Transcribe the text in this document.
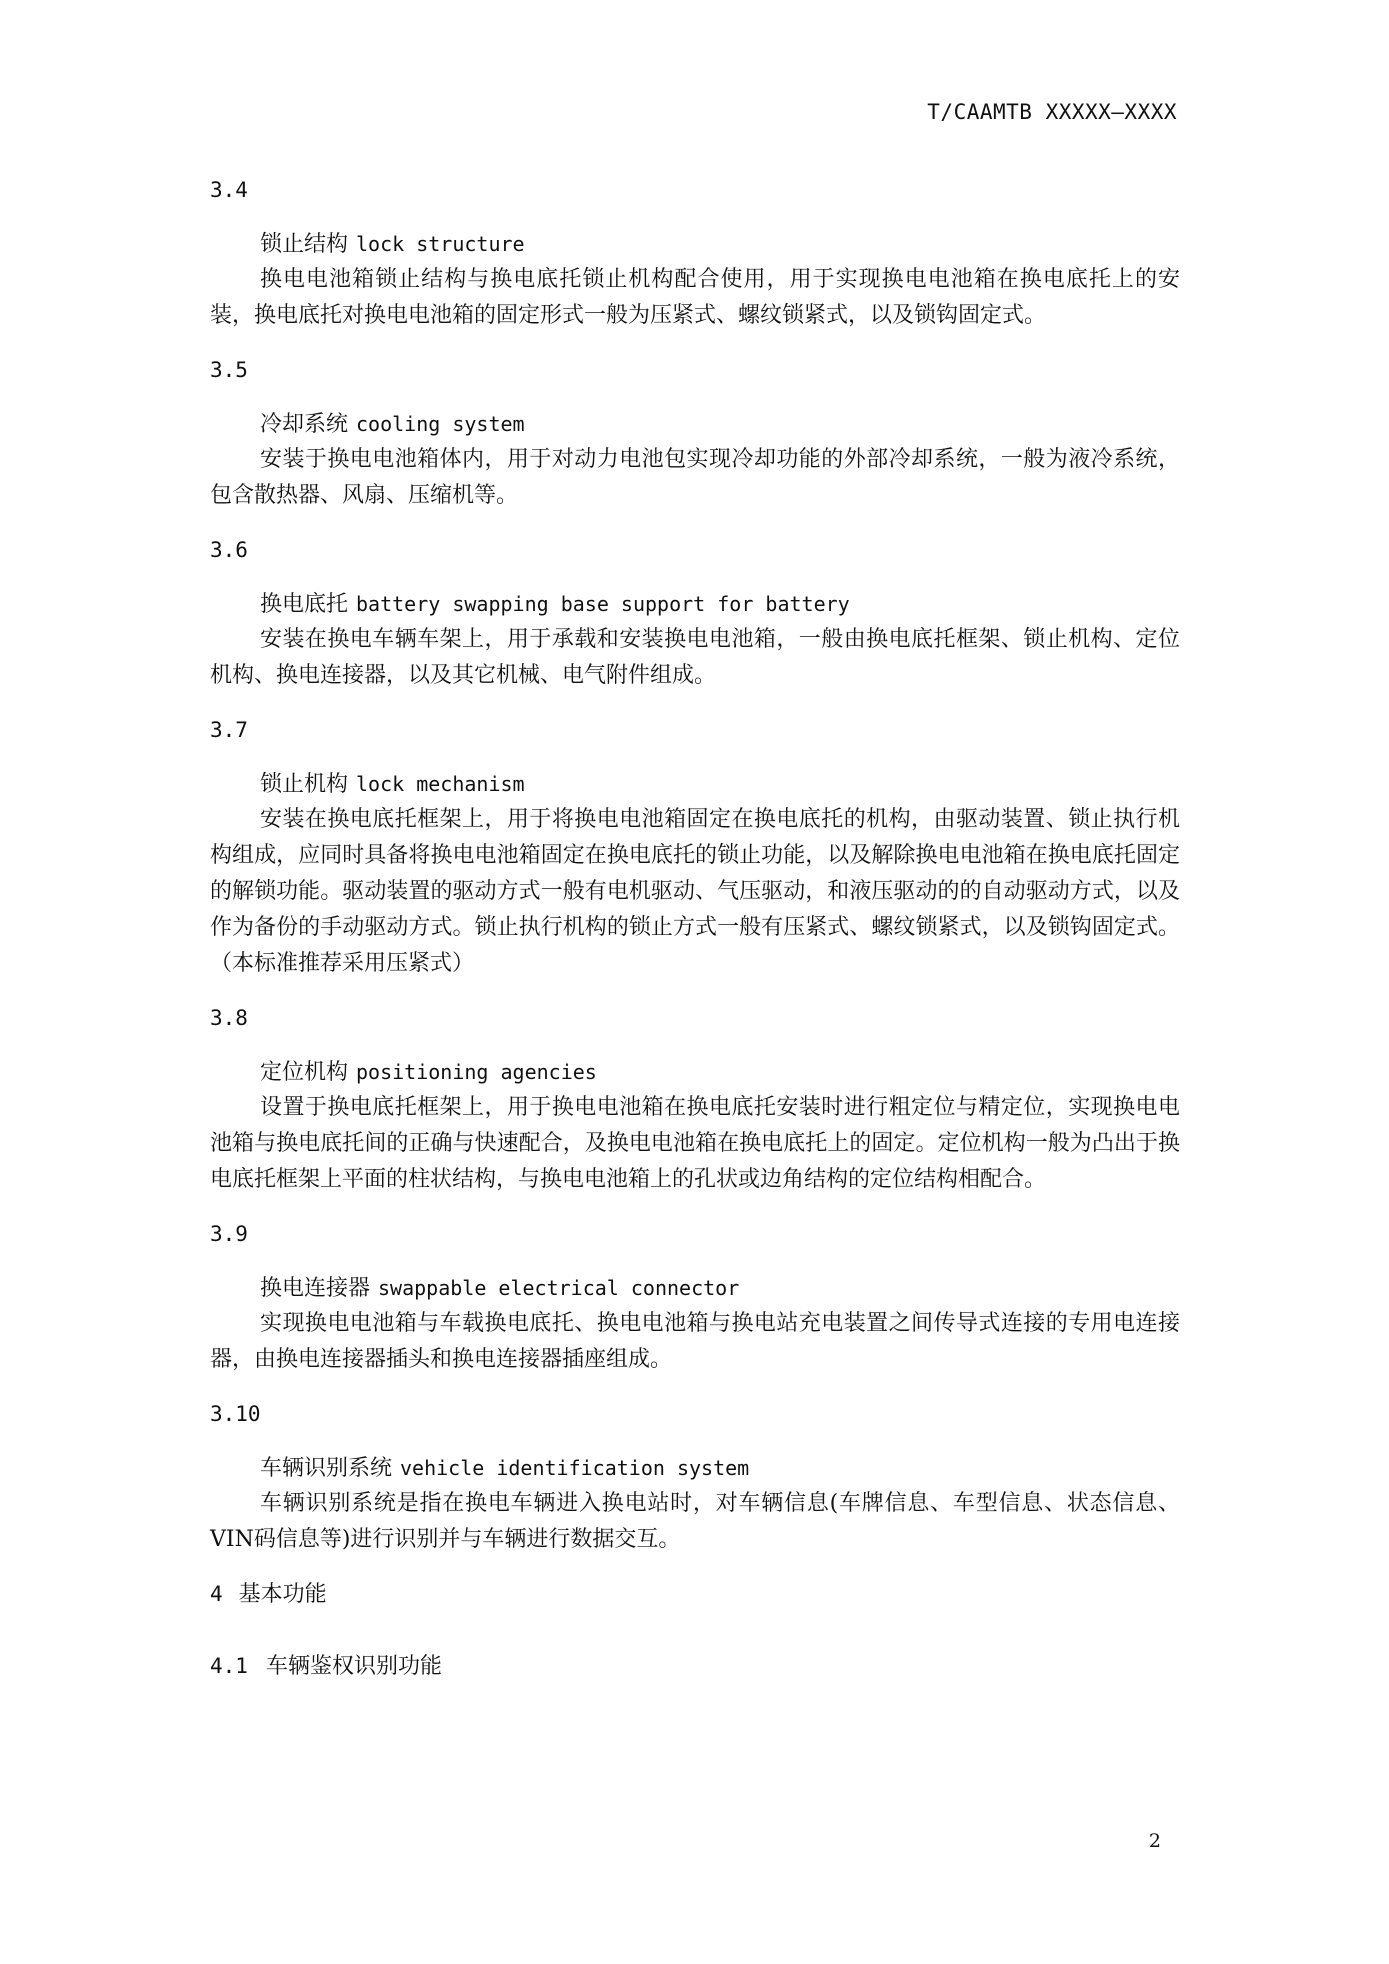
T/CAAMTB XXXXX—XXXX

3.4

锁止结构 lock structure

换电电池箱锁止结构与换电底托锁止机构配合使用，用于实现换电电池箱在换电底托上的安装，换电底托对换电电池箱的固定形式一般为压紧式、螺纹锁紧式，以及锁钩固定式。

3.5

冷却系统 cooling system

安装于换电电池箱体内，用于对动力电池包实现冷却功能的外部冷却系统，一般为液冷系统，包含散热器、风扇、压缩机等。

3.6

换电底托 battery swapping base support for battery

安装在换电车辆车架上，用于承载和安装换电电池箱，一般由换电底托框架、锁止机构、定位机构、换电连接器，以及其它机械、电气附件组成。

3.7

锁止机构 lock mechanism

安装在换电底托框架上，用于将换电电池箱固定在换电底托的机构，由驱动装置、锁止执行机构组成，应同时具备将换电电池箱固定在换电底托的锁止功能，以及解除换电电池箱在换电底托固定的解锁功能。驱动装置的驱动方式一般有电机驱动、气压驱动，和液压驱动的的自动驱动方式，以及作为备份的手动驱动方式。锁止执行机构的锁止方式一般有压紧式、螺纹锁紧式，以及锁钩固定式。（本标准推荐采用压紧式）

3.8

定位机构 positioning agencies

设置于换电底托框架上，用于换电电池箱在换电底托安装时进行粗定位与精定位，实现换电电池箱与换电底托间的正确与快速配合，及换电电池箱在换电底托上的固定。定位机构一般为凸出于换电底托框架上平面的柱状结构，与换电电池箱上的孔状或边角结构的定位结构相配合。

3.9

换电连接器 swappable electrical connector

实现换电电池箱与车载换电底托、换电电池箱与换电站充电装置之间传导式连接的专用电连接器，由换电连接器插头和换电连接器插座组成。

3.10

车辆识别系统 vehicle identification system

车辆识别系统是指在换电车辆进入换电站时，对车辆信息(车牌信息、车型信息、状态信息、VIN码信息等)进行识别并与车辆进行数据交互。

4 基本功能
4.1 车辆鉴权识别功能
2
